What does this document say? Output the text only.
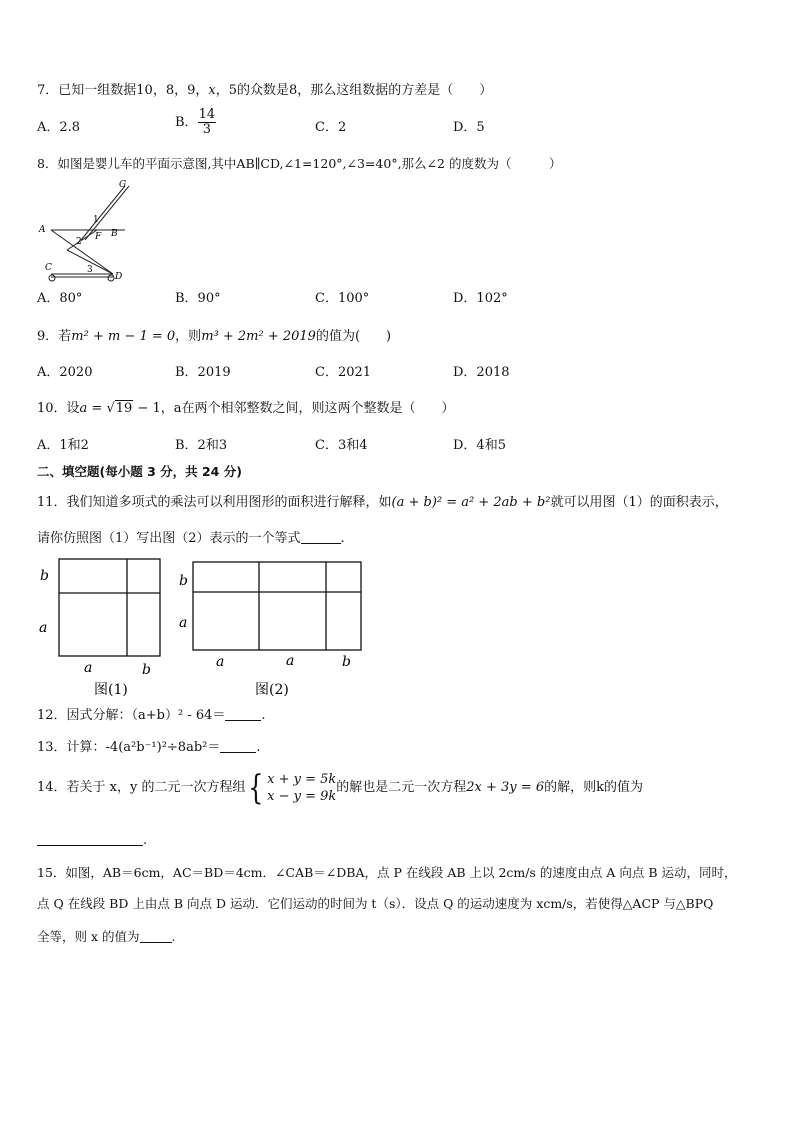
7．已知一组数据10，8，9，x，5的众数是8，那么这组数据的方差是（　　）
A．2.8	B． $\frac{14}{3}$	C．2	D．5
8．如图是婴儿车的平面示意图,其中AB∥CD,∠1=120°,∠3=40°,那么∠2 的度数为（　　　）
G
A	B
F
C
D
1
2
3
A．80°	B．90°	C．100°	D．102°
9．若m² + m − 1 = 0，则m³ + 2m² + 2019的值为(　　)
A．2020	B．2019	C．2021	D．2018
10．设a = √19 − 1，a在两个相邻整数之间，则这两个整数是（　　）
A．1和2	B．2和3	C．3和4	D．4和5
二、填空题(每小题 3 分，共 24 分)
11．我们知道多项式的乘法可以利用图形的面积进行解释，如(a + b)² = a² + 2ab + b²就可以用图（1）的面积表示，
请你仿照图（1）写出图（2）表示的一个等式	.
b
a
a	b
图(1)
b
a
a	a	b
图(2)
12．因式分解：（a+b）² - 64＝	.
13．计算：-4(a²b⁻¹)²÷8ab²＝	.
14．若关于 x，y 的二元一次方程组{ x + y = 5k
x − y = 9k
的解也是二元一次方程2x + 3y = 6的解，则k的值为
.
15．如图，AB＝6cm，AC＝BD＝4cm．∠CAB＝∠DBA，点 P 在线段 AB 上以 2cm/s 的速度由点 A 向点 B 运动，同时，
点 Q 在线段 BD 上由点 B 向点 D 运动．它们运动的时间为 t（s）．设点 Q 的运动速度为 xcm/s，若使得△ACP 与△BPQ
全等，则 x 的值为	.
